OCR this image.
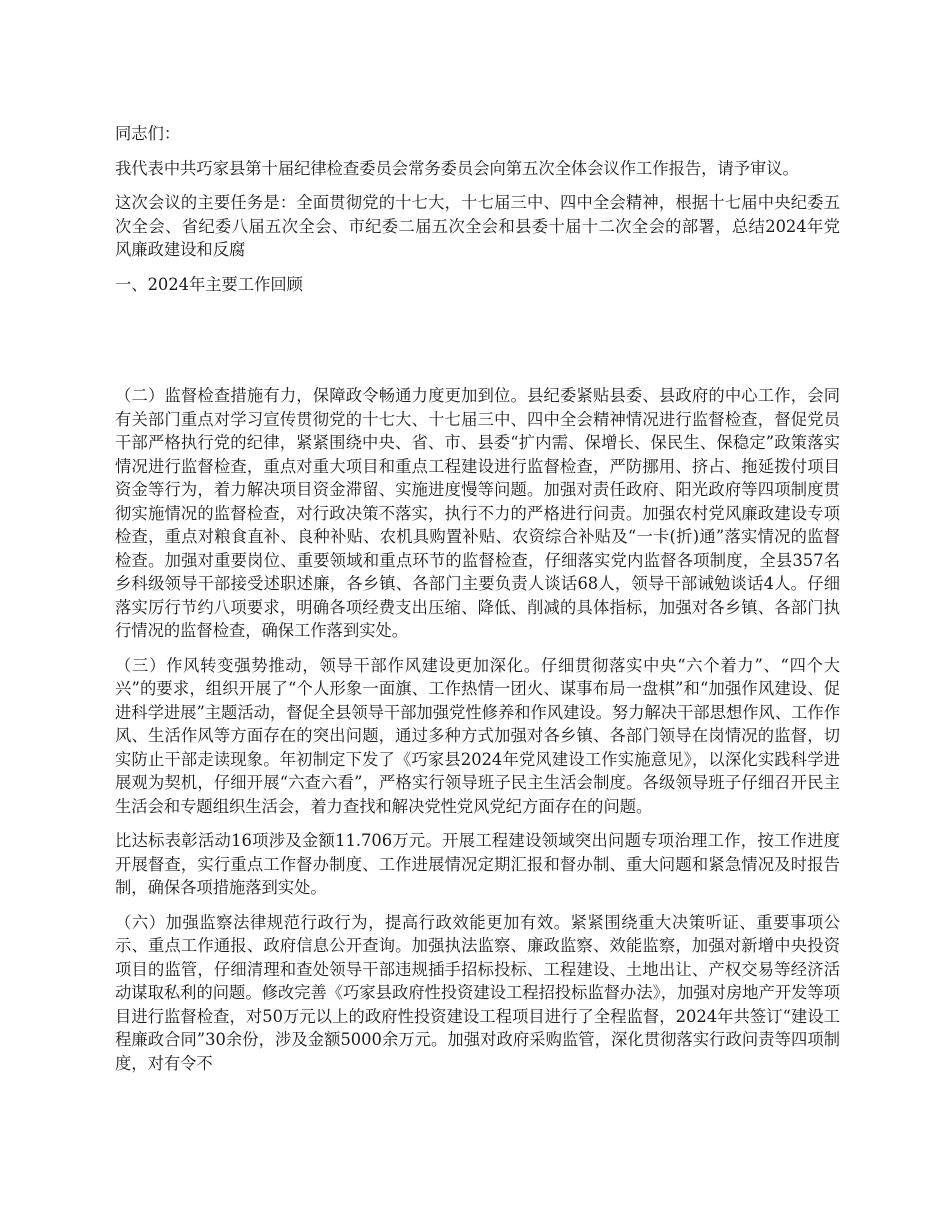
同志们：

我代表中共巧家县第十届纪律检查委员会常务委员会向第五次全体会议作工作报告，请予审议。

这次会议的主要任务是：全面贯彻党的十七大，十七届三中、四中全会精神，根据十七届中央纪委五次全会、省纪委八届五次全会、市纪委二届五次全会和县委十届十二次全会的部署，总结2024年党风廉政建设和反腐

一、2024年主要工作回顾

（二）监督检查措施有力，保障政令畅通力度更加到位。县纪委紧贴县委、县政府的中心工作，会同有关部门重点对学习宣传贯彻党的十七大、十七届三中、四中全会精神情况进行监督检查，督促党员干部严格执行党的纪律，紧紧围绕中央、省、市、县委“扩内需、保增长、保民生、保稳定”政策落实情况进行监督检查，重点对重大项目和重点工程建设进行监督检查，严防挪用、挤占、拖延拨付项目资金等行为，着力解决项目资金滞留、实施进度慢等问题。加强对责任政府、阳光政府等四项制度贯彻实施情况的监督检查，对行政决策不落实，执行不力的严格进行问责。加强农村党风廉政建设专项检查，重点对粮食直补、良种补贴、农机具购置补贴、农资综合补贴及“一卡(折)通”落实情况的监督检查。加强对重要岗位、重要领域和重点环节的监督检查，仔细落实党内监督各项制度，全县357名乡科级领导干部接受述职述廉，各乡镇、各部门主要负责人谈话68人，领导干部诫勉谈话4人。仔细落实厉行节约八项要求，明确各项经费支出压缩、降低、削减的具体指标，加强对各乡镇、各部门执行情况的监督检查，确保工作落到实处。

（三）作风转变强势推动，领导干部作风建设更加深化。仔细贯彻落实中央“六个着力”、“四个大兴”的要求，组织开展了“个人形象一面旗、工作热情一团火、谋事布局一盘棋”和“加强作风建设、促进科学进展”主题活动，督促全县领导干部加强党性修养和作风建设。努力解决干部思想作风、工作作风、生活作风等方面存在的突出问题，通过多种方式加强对各乡镇、各部门领导在岗情况的监督，切实防止干部走读现象。年初制定下发了《巧家县2024年党风建设工作实施意见》，以深化实践科学进展观为契机，仔细开展“六查六看”，严格实行领导班子民主生活会制度。各级领导班子仔细召开民主生活会和专题组织生活会，着力查找和解决党性党风党纪方面存在的问题。

比达标表彰活动16项涉及金额11.706万元。开展工程建设领域突出问题专项治理工作，按工作进度开展督查，实行重点工作督办制度、工作进展情况定期汇报和督办制、重大问题和紧急情况及时报告制，确保各项措施落到实处。

（六）加强监察法律规范行政行为，提高行政效能更加有效。紧紧围绕重大决策听证、重要事项公示、重点工作通报、政府信息公开查询。加强执法监察、廉政监察、效能监察，加强对新增中央投资项目的监管，仔细清理和查处领导干部违规插手招标投标、工程建设、土地出让、产权交易等经济活动谋取私利的问题。修改完善《巧家县政府性投资建设工程招投标监督办法》，加强对房地产开发等项目进行监督检查，对50万元以上的政府性投资建设工程项目进行了全程监督，2024年共签订“建设工程廉政合同”30余份，涉及金额5000余万元。加强对政府采购监管，深化贯彻落实行政问责等四项制度，对有令不
